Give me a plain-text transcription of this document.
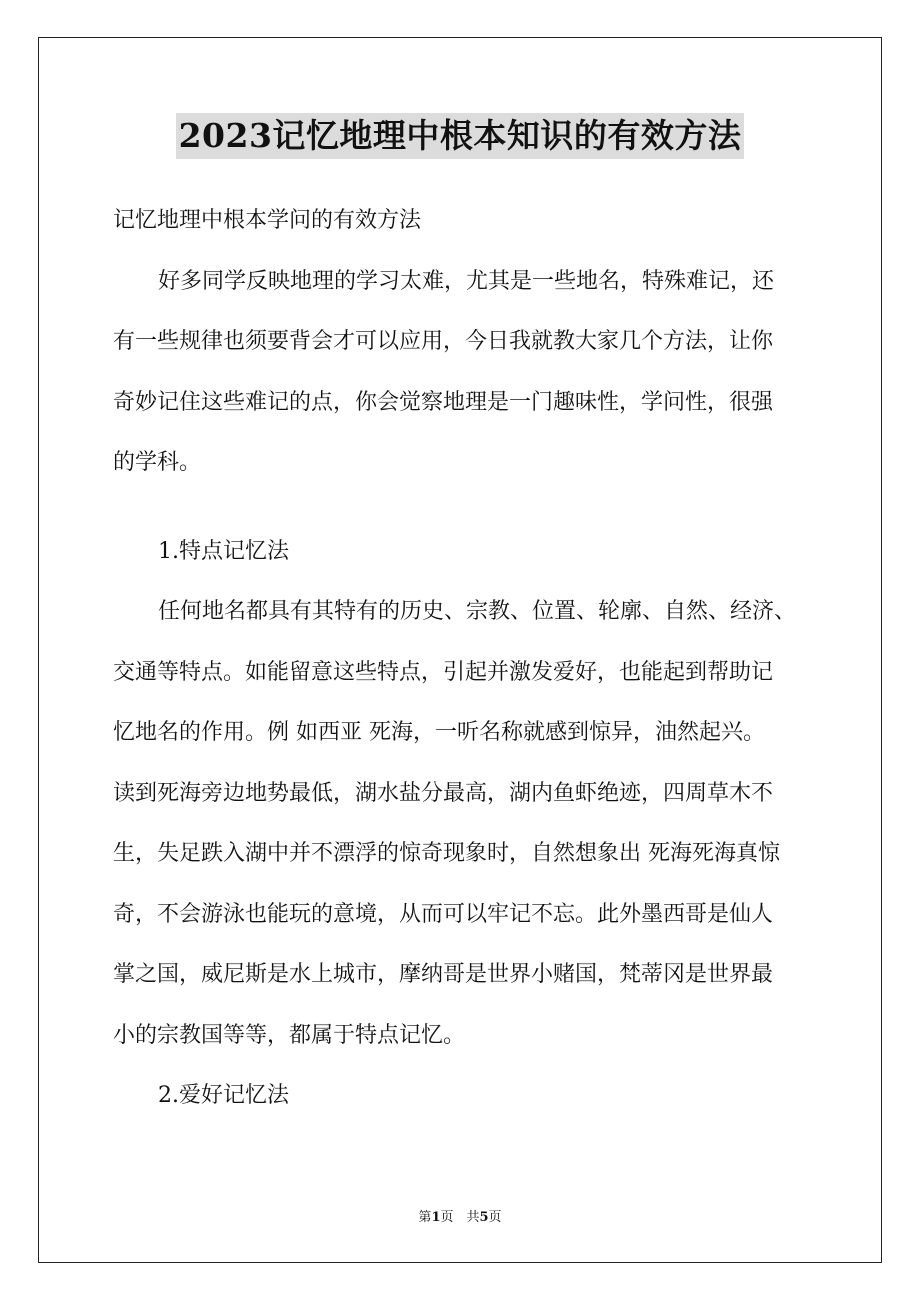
2023记忆地理中根本知识的有效方法
记忆地理中根本学问的有效方法
好多同学反映地理的学习太难，尤其是一些地名，特殊难记，还
有一些规律也须要背会才可以应用，今日我就教大家几个方法，让你
奇妙记住这些难记的点，你会觉察地理是一门趣味性，学问性，很强
的学科。
1.特点记忆法
任何地名都具有其特有的历史、宗教、位置、轮廓、自然、经济、
交通等特点。如能留意这些特点，引起并激发爱好，也能起到帮助记
忆地名的作用。例 如西亚 死海，一听名称就感到惊异，油然起兴。
读到死海旁边地势最低，湖水盐分最高，湖内鱼虾绝迹，四周草木不
生，失足跌入湖中并不漂浮的惊奇现象时，自然想象出 死海死海真惊
奇，不会游泳也能玩的意境，从而可以牢记不忘。此外墨西哥是仙人
掌之国，威尼斯是水上城市，摩纳哥是世界小赌国，梵蒂冈是世界最
小的宗教国等等，都属于特点记忆。
2.爱好记忆法
第1页　共5页
